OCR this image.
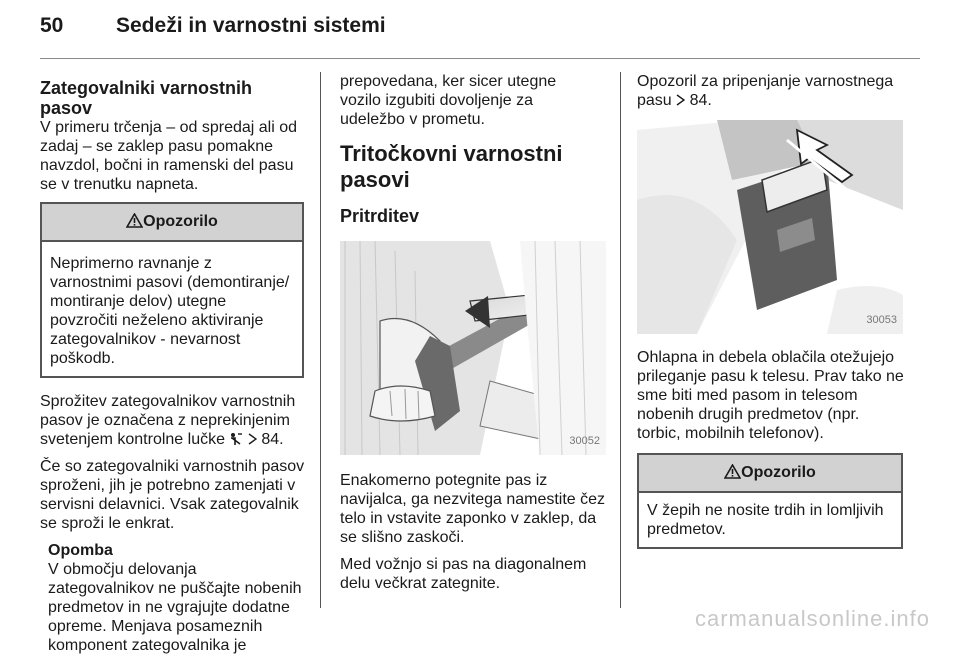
50	Sedeži in varnostni sistemi
Zategovalniki varnostnih pasov

V primeru trčenja – od spredaj ali od
zadaj – se zaklep pasu pomakne
navzdol, bočni in ramenski del pasu
se v trenutku napneta.

Opozorilo
Neprimerno ravnanje z
varnostnimi pasovi (demontiranje/
montiranje delov) utegne
povzročiti neželeno aktiviranje
zategovalnikov - nevarnost
poškodb.

Sprožitev zategovalnikov varnostnih
pasov je označena z neprekinjenim
svetenjem kontrolne lučke 84.

Če so zategovalniki varnostnih pasov
sproženi, jih je potrebno zamenjati v
servisni delavnici. Vsak zategovalnik
se sproži le enkrat.

Opomba
V območju delovanja
zategovalnikov ne puščajte nobenih
predmetov in ne vgrajujte dodatne
opreme. Menjava posameznih
komponent zategovalnika je

prepovedana, ker sicer utegne
vozilo izgubiti dovoljenje za
udeležbo v prometu.

Tritočkovni varnostni
pasovi
Pritrditev
30052

Enakomerno potegnite pas iz
navijalca, ga nezvitega namestite čez
telo in vstavite zaponko v zaklep, da
se slišno zaskoči.

Med vožnjo si pas na diagonalnem
delu večkrat zategnite.

Opozoril za pripenjanje varnostnega
pasu 84.

30053

Ohlapna in debela oblačila otežujejo
prileganje pasu k telesu. Prav tako ne
sme biti med pasom in telesom
nobenih drugih predmetov (npr.
torbic, mobilnih telefonov).

Opozorilo
V žepih ne nosite trdih in lomljivih
predmetov.
carmanualsonline.info
